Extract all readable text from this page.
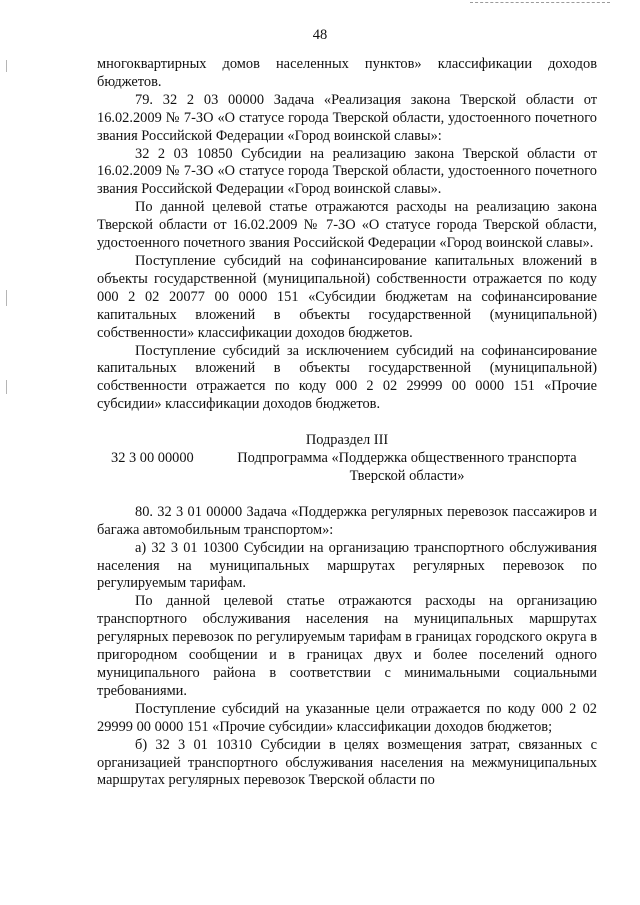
48

многоквартирных домов населенных пунктов» классификации доходов бюджетов.

79. 32 2 03 00000 Задача «Реализация закона Тверской области от 16.02.2009 № 7-ЗО «О статусе города Тверской области, удостоенного почетного звания Российской Федерации «Город воинской славы»:

32 2 03 10850 Субсидии на реализацию закона Тверской области от 16.02.2009 № 7-ЗО «О статусе города Тверской области, удостоенного почетного звания Российской Федерации «Город воинской славы».

По данной целевой статье отражаются расходы на реализацию закона Тверской области от 16.02.2009 № 7-ЗО «О статусе города Тверской области, удостоенного почетного звания Российской Федерации «Город воинской славы».

Поступление субсидий на софинансирование капитальных вложений в объекты государственной (муниципальной) собственности отражается по коду 000 2 02 20077 00 0000 151 «Субсидии бюджетам на софинансирование капитальных вложений в объекты государственной (муниципальной) собственности» классификации доходов бюджетов.

Поступление субсидий за исключением субсидий на софинансирование капитальных вложений в объекты государственной (муниципальной) собственности отражается по коду 000 2 02 29999 00 0000 151 «Прочие субсидии» классификации доходов бюджетов.

Подраздел III

32 3 00 00000	Подпрограмма «Поддержка общественного транспорта
Тверской области»

80. 32 3 01 00000 Задача «Поддержка регулярных перевозок пассажиров и багажа автомобильным транспортом»:

а) 32 3 01 10300 Субсидии на организацию транспортного обслуживания населения на муниципальных маршрутах регулярных перевозок по регулируемым тарифам.

По данной целевой статье отражаются расходы на организацию транспортного обслуживания населения на муниципальных маршрутах регулярных перевозок по регулируемым тарифам в границах городского округа в пригородном сообщении и в границах двух и более поселений одного муниципального района в соответствии с минимальными социальными требованиями.

Поступление субсидий на указанные цели отражается по коду 000 2 02 29999 00 0000 151 «Прочие субсидии» классификации доходов бюджетов;

б) 32 3 01 10310 Субсидии в целях возмещения затрат, связанных с организацией транспортного обслуживания населения на межмуниципальных маршрутах регулярных перевозок Тверской области по
